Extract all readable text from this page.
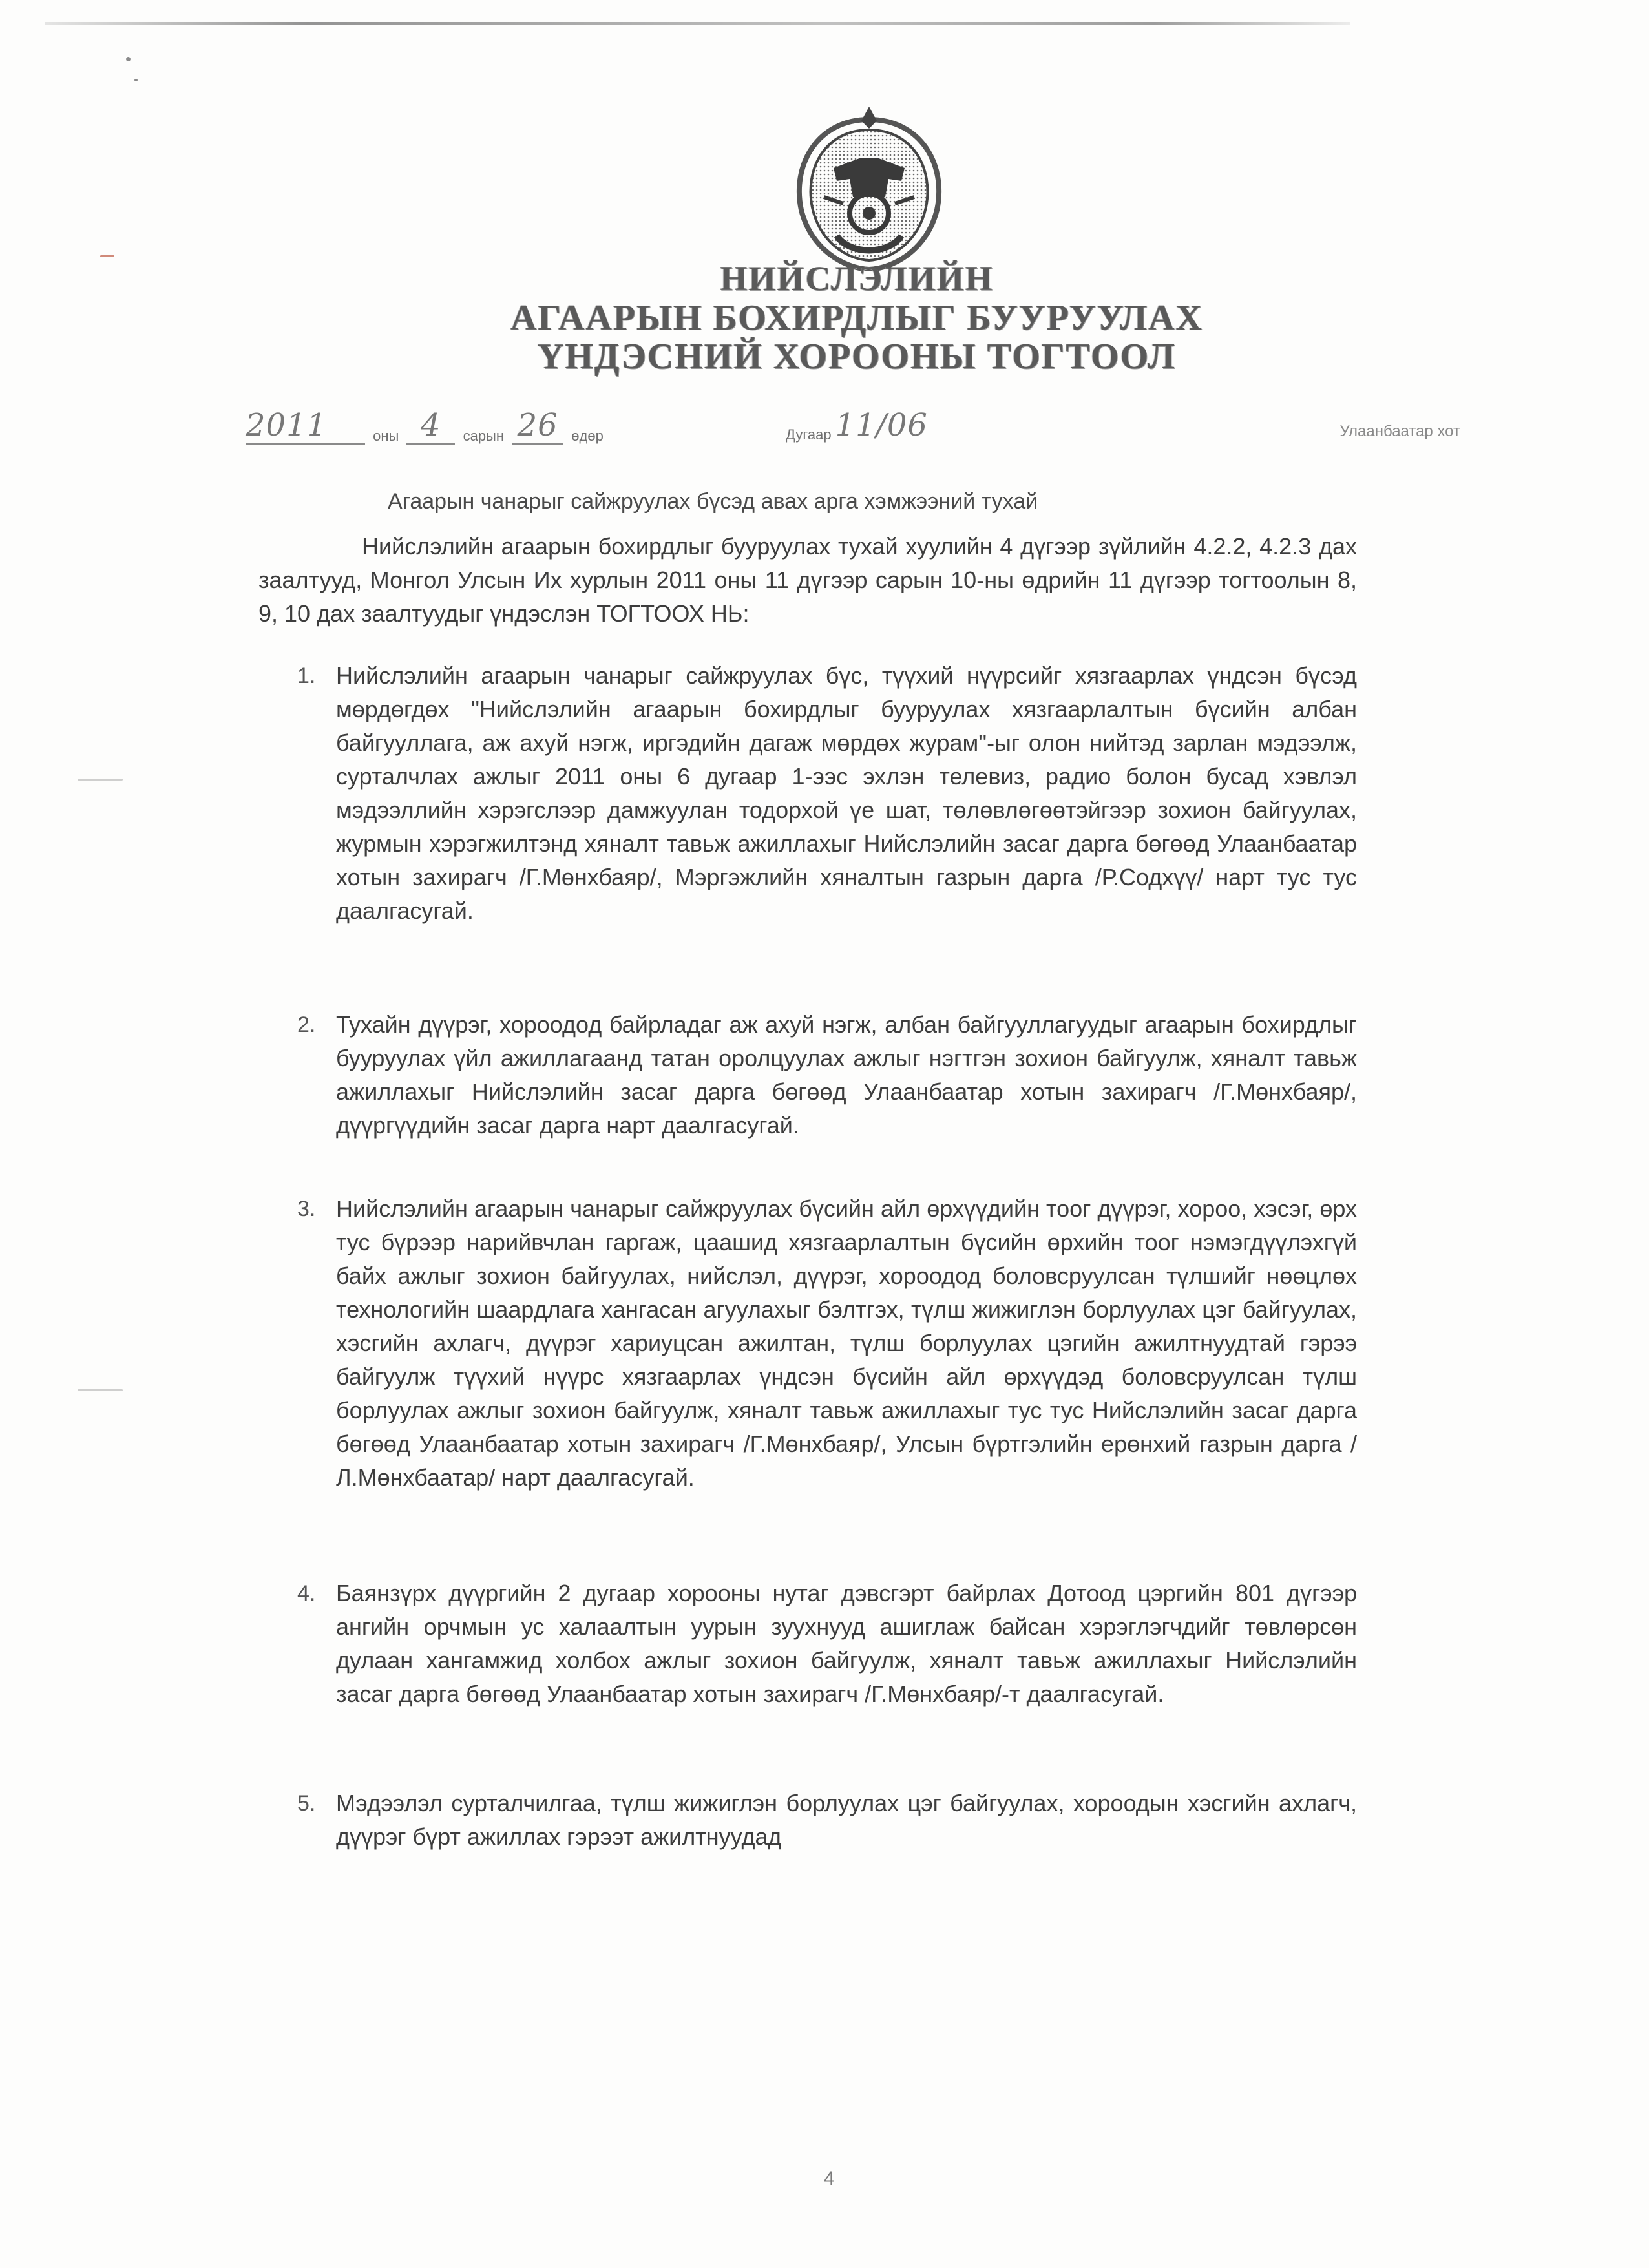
НИЙСЛЭЛИЙН
АГААРЫН БОХИРДЛЫГ БУУРУУЛАХ
ҮНДЭСНИЙ ХОРООНЫ ТОГТООЛ
2011	оны 4 сарын 26 өдөр	Дугаар 11/06	Улаанбаатар хот
Агаарын чанарыг сайжруулах бүсэд авах арга хэмжээний тухай
Нийслэлийн агаарын бохирдлыг бууруулах тухай хуулийн 4 дүгээр зүйлийн 4.2.2, 4.2.3 дах заалтууд, Монгол Улсын Их хурлын 2011 оны 11 дүгээр сарын 10-ны өдрийн 11 дүгээр тогтоолын 8, 9, 10 дах заалтуудыг үндэслэн ТОГТООХ НЬ:
1. Нийслэлийн агаарын чанарыг сайжруулах бүс, түүхий нүүрсийг хязгаарлах үндсэн бүсэд мөрдөгдөх "Нийслэлийн агаарын бохирдлыг бууруулах хязгаарлалтын бүсийн албан байгууллага, аж ахуй нэгж, иргэдийн дагаж мөрдөх журам"-ыг олон нийтэд зарлан мэдээлж, сурталчлах ажлыг 2011 оны 6 дугаар 1-ээс эхлэн телевиз, радио болон бусад хэвлэл мэдээллийн хэрэгслээр дамжуулан тодорхой үе шат, төлөвлөгөөтэйгээр зохион байгуулах, журмын хэрэгжилтэнд хяналт тавьж ажиллахыг Нийслэлийн засаг дарга бөгөөд Улаанбаатар хотын захирагч /Г.Мөнхбаяр/, Мэргэжлийн хяналтын газрын дарга /Р.Содхүү/ нарт тус тус даалгасугай.
2. Тухайн дүүрэг, хороодод байрладаг аж ахуй нэгж, албан байгууллагуудыг агаарын бохирдлыг бууруулах үйл ажиллагаанд татан оролцуулах ажлыг нэгтгэн зохион байгуулж, хяналт тавьж ажиллахыг Нийслэлийн засаг дарга бөгөөд Улаанбаатар хотын захирагч /Г.Мөнхбаяр/, дүүргүүдийн засаг дарга нарт даалгасугай.
3. Нийслэлийн агаарын чанарыг сайжруулах бүсийн айл өрхүүдийн тоог дүүрэг, хороо, хэсэг, өрх тус бүрээр нарийвчлан гаргаж, цаашид хязгаарлалтын бүсийн өрхийн тоог нэмэгдүүлэхгүй байх ажлыг зохион байгуулах, нийслэл, дүүрэг, хороодод боловсруулсан түлшийг нөөцлөх технологийн шаардлага хангасан агуулахыг бэлтгэх, түлш жижиглэн борлуулах цэг байгуулах, хэсгийн ахлагч, дүүрэг хариуцсан ажилтан, түлш борлуулах цэгийн ажилтнуудтай гэрээ байгуулж түүхий нүүрс хязгаарлах үндсэн бүсийн айл өрхүүдэд боловсруулсан түлш борлуулах ажлыг зохион байгуулж, хяналт тавьж ажиллахыг тус тус Нийслэлийн засаг дарга бөгөөд Улаанбаатар хотын захирагч /Г.Мөнхбаяр/, Улсын бүртгэлийн ерөнхий газрын дарга /Л.Мөнхбаатар/ нарт даалгасугай.
4. Баянзүрх дүүргийн 2 дугаар хорооны нутаг дэвсгэрт байрлах Дотоод цэргийн 801 дүгээр ангийн орчмын ус халаалтын уурын зуухнууд ашиглаж байсан хэрэглэгчдийг төвлөрсөн дулаан хангамжид холбох ажлыг зохион байгуулж, хяналт тавьж ажиллахыг Нийслэлийн засаг дарга бөгөөд Улаанбаатар хотын захирагч /Г.Мөнхбаяр/-т даалгасугай.
5. Мэдээлэл сурталчилгаа, түлш жижиглэн борлуулах цэг байгуулах, хороодын хэсгийн ахлагч, дүүрэг бүрт ажиллах гэрээт ажилтнуудад
4
